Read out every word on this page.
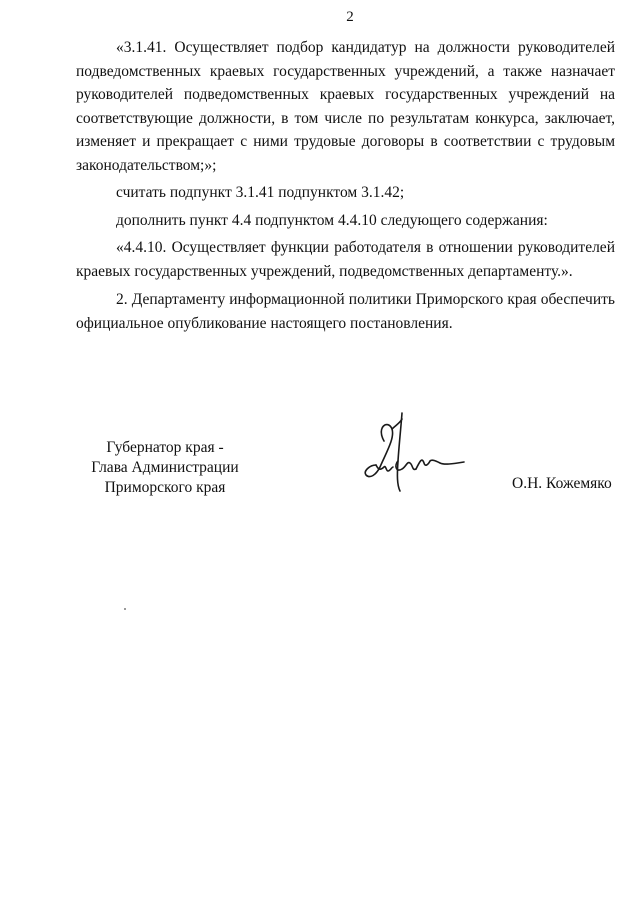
2

«3.1.41. Осуществляет подбор кандидатур на должности руководителей подведомственных краевых государственных учреждений, а также назначает руководителей подведомственных краевых государственных учреждений на соответствующие должности, в том числе по результатам конкурса, заключает, изменяет и прекращает с ними трудовые договоры в соответствии с трудовым законодательством;»;

считать подпункт 3.1.41 подпунктом 3.1.42;

дополнить пункт 4.4 подпунктом 4.4.10 следующего содержания:

«4.4.10. Осуществляет функции работодателя в отношении руководителей краевых государственных учреждений, подведомственных департаменту.».

2. Департаменту информационной политики Приморского края обеспечить официальное опубликование настоящего постановления.

Губернатор края -
Глава Администрации
Приморского края	О.Н. Кожемяко
